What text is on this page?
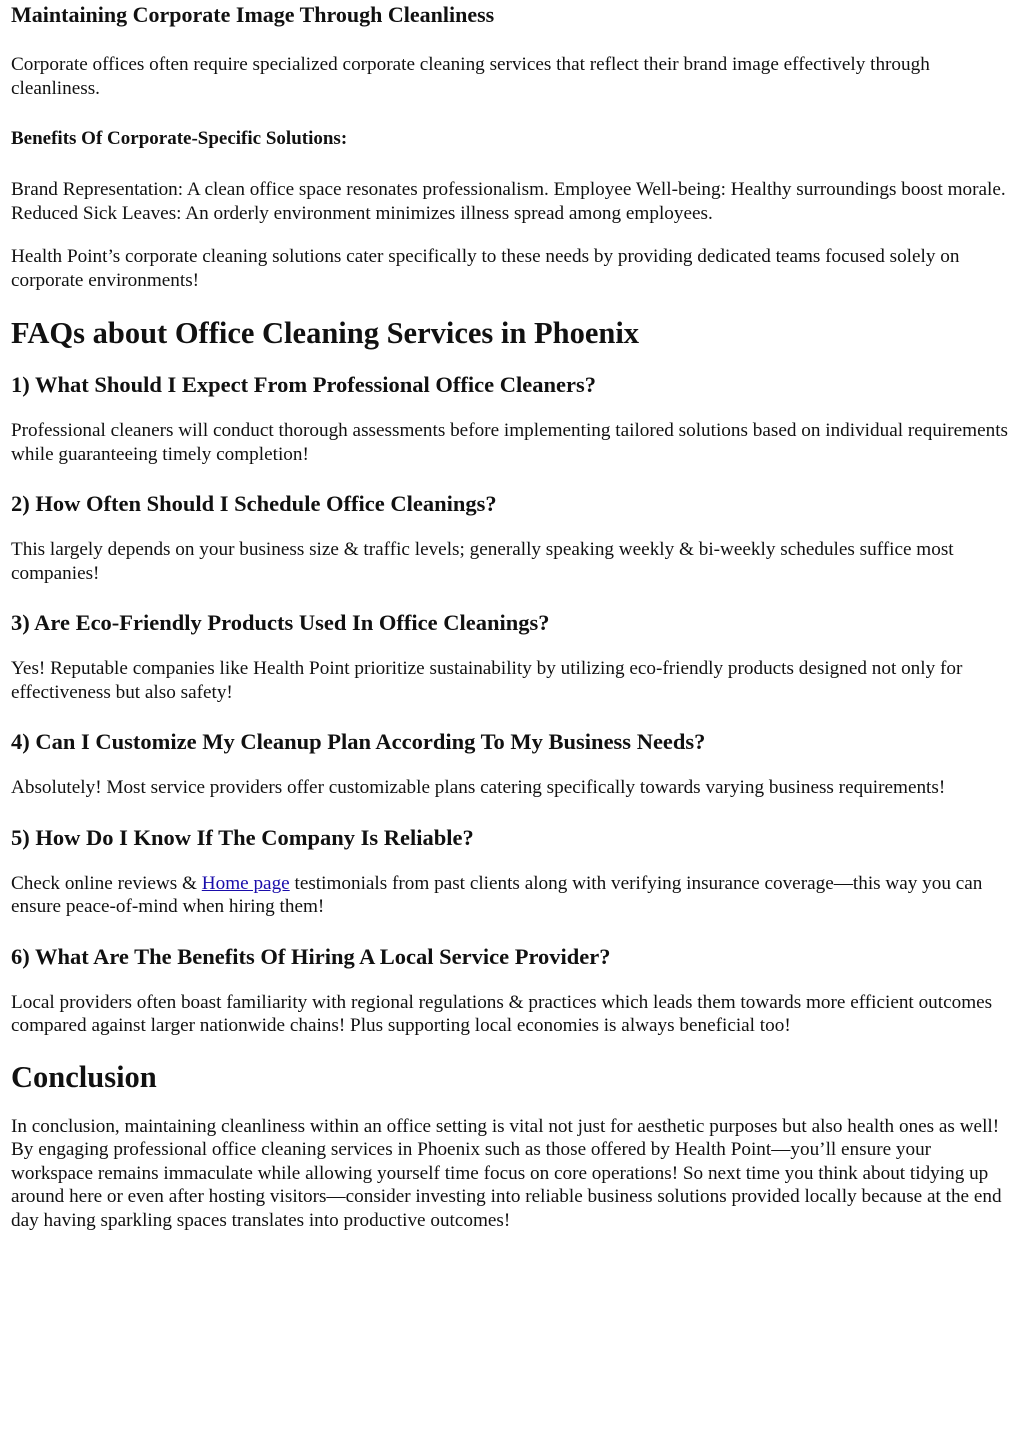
Maintaining Corporate Image Through Cleanliness

Corporate offices often require specialized corporate cleaning services that reflect their brand image effectively through cleanliness.

Benefits Of Corporate-Specific Solutions:

Brand Representation: A clean office space resonates professionalism. Employee Well-being: Healthy surroundings boost morale. Reduced Sick Leaves: An orderly environment minimizes illness spread among employees.

Health Point’s corporate cleaning solutions cater specifically to these needs by providing dedicated teams focused solely on corporate environments!

FAQs about Office Cleaning Services in Phoenix
1) What Should I Expect From Professional Office Cleaners?

Professional cleaners will conduct thorough assessments before implementing tailored solutions based on individual requirements while guaranteeing timely completion!

2) How Often Should I Schedule Office Cleanings?

This largely depends on your business size & traffic levels; generally speaking weekly & bi-weekly schedules suffice most companies!

3) Are Eco-Friendly Products Used In Office Cleanings?

Yes! Reputable companies like Health Point prioritize sustainability by utilizing eco-friendly products designed not only for effectiveness but also safety!

4) Can I Customize My Cleanup Plan According To My Business Needs?

Absolutely! Most service providers offer customizable plans catering specifically towards varying business requirements!

5) How Do I Know If The Company Is Reliable?

Check online reviews & Home page testimonials from past clients along with verifying insurance coverage—this way you can ensure peace-of-mind when hiring them!

6) What Are The Benefits Of Hiring A Local Service Provider?

Local providers often boast familiarity with regional regulations & practices which leads them towards more efficient outcomes compared against larger nationwide chains! Plus supporting local economies is always beneficial too!

Conclusion

In conclusion, maintaining cleanliness within an office setting is vital not just for aesthetic purposes but also health ones as well! By engaging professional office cleaning services in Phoenix such as those offered by Health Point—you’ll ensure your workspace remains immaculate while allowing yourself time focus on core operations! So next time you think about tidying up around here or even after hosting visitors—consider investing into reliable business solutions provided locally because at the end day having sparkling spaces translates into productive outcomes!
